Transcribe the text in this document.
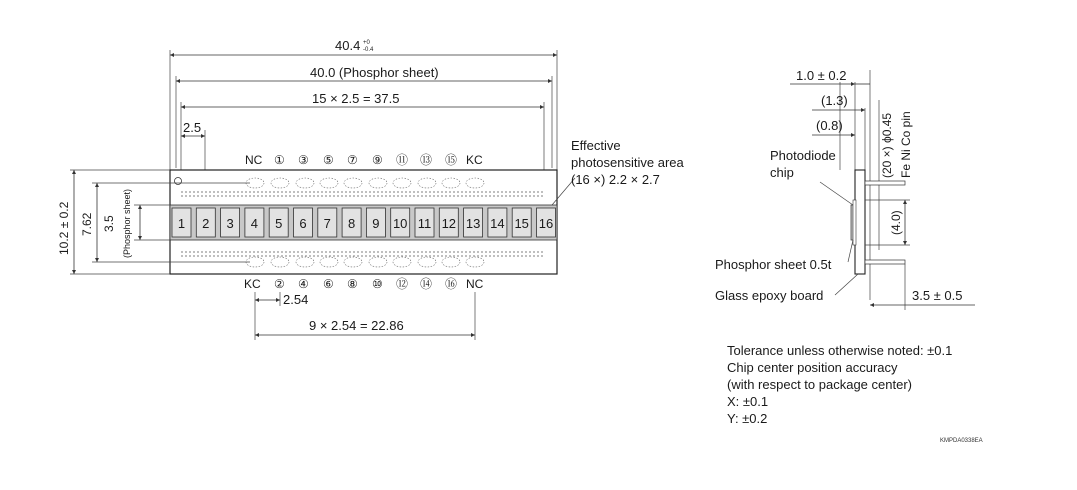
40.4 +0
-0.4
40.0 (Phosphor sheet)
15 × 2.5 = 37.5
2.5
1 2 3 4 5 6 7 8 9 10 11 12 13 14 15 16
NC ① ③ ⑤ ⑦ ⑨ ⑪ ⑬ ⑮ KC
KC ② ④ ⑥ ⑧ ⑩ ⑫ ⑭ ⑯ NC
2.54
9 × 2.54 = 22.86
10.2 ± 0.2 7.62 3.5 (Phosphor sheet)
Effective
photosensitive area
(16 ×) 2.2 × 2.7
1.0 ± 0.2
(1.3)
(0.8)	(20 ×) ϕ0.45 Fe Ni Co pin
(4.0)
Photodiode
chip
Phosphor sheet 0.5t
Glass epoxy board	3.5 ± 0.5
Tolerance unless otherwise noted: ±0.1
Chip center position accuracy
(with respect to package center)
X: ±0.1
Y: ±0.2
KMPDA0338EA
